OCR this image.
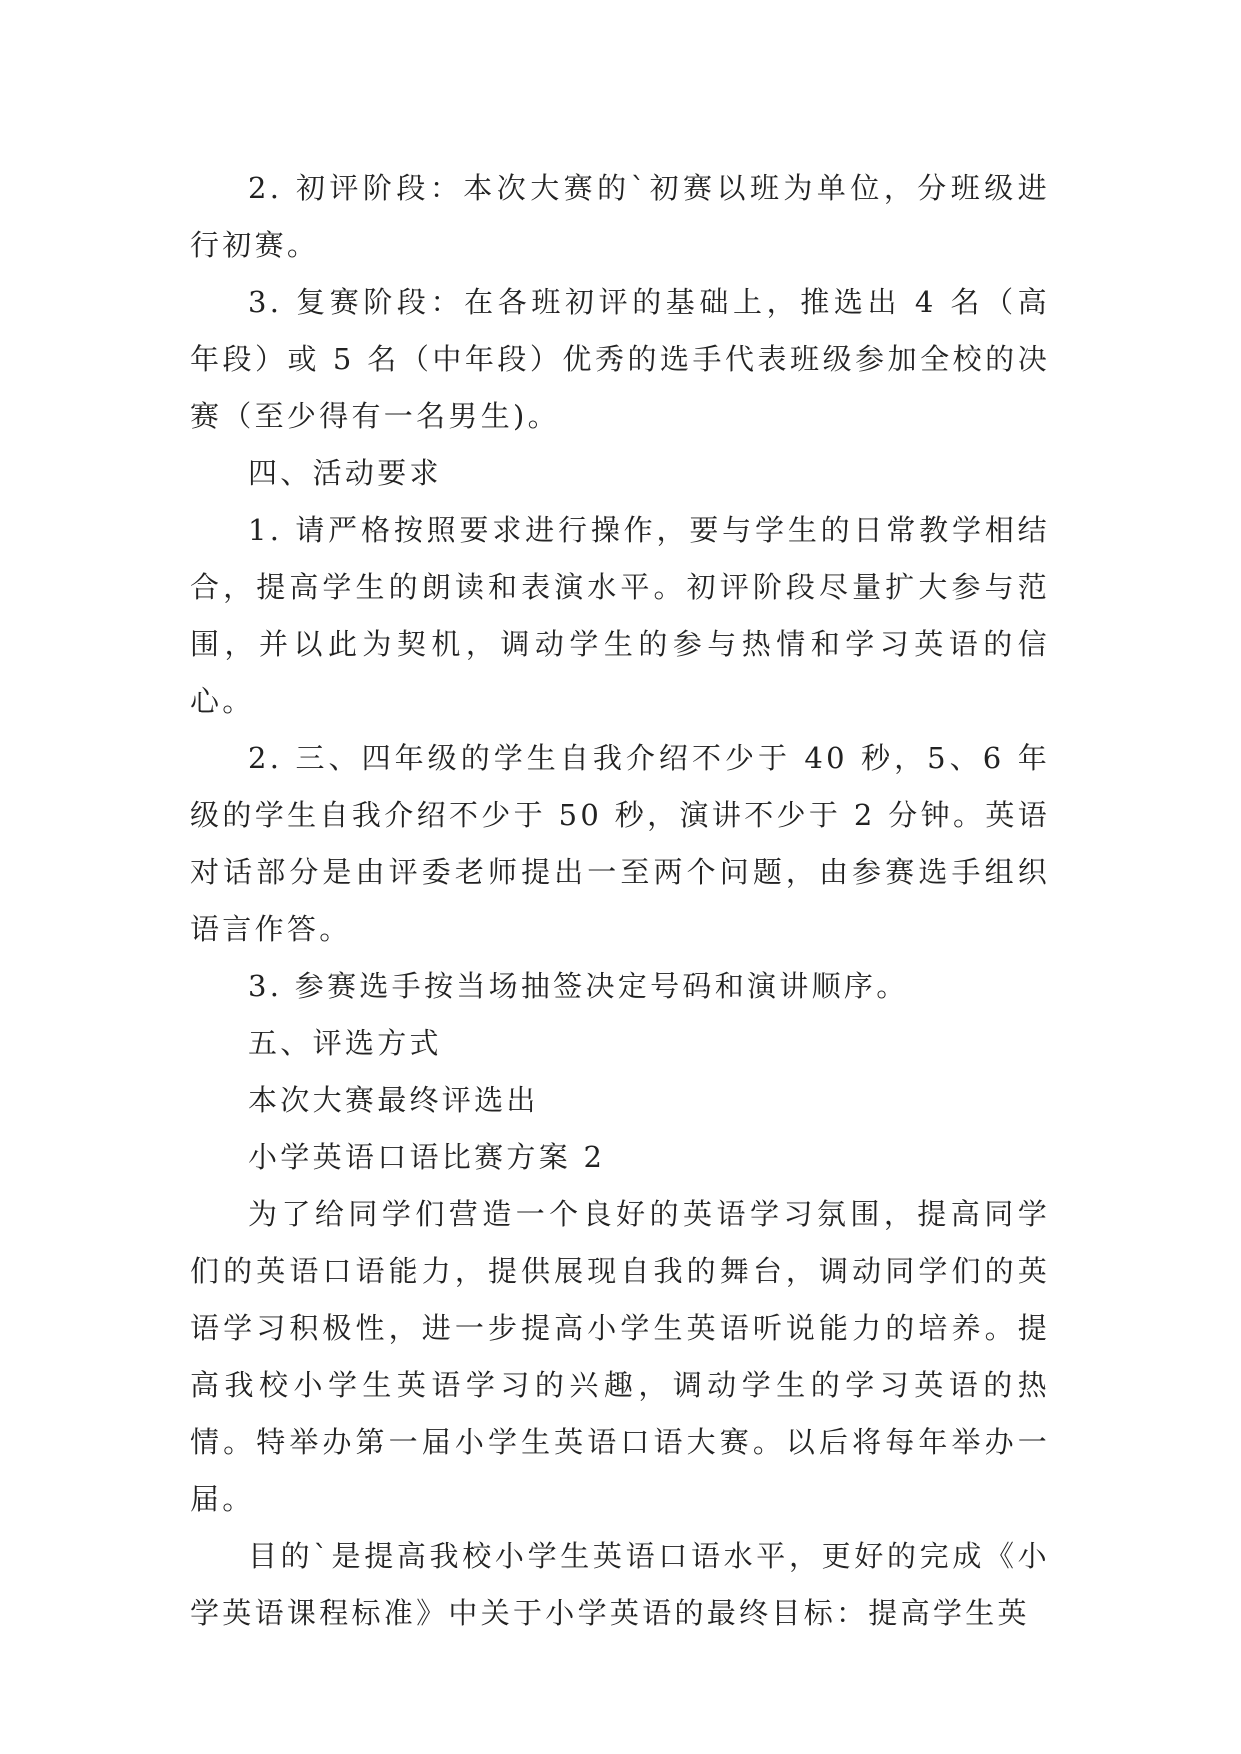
2. 初评阶段：本次大赛的`初赛以班为单位，分班级进行初赛。

3. 复赛阶段：在各班初评的基础上，推选出 4 名（高年段）或 5 名（中年段）优秀的选手代表班级参加全校的决赛（至少得有一名男生)。

四、活动要求

1. 请严格按照要求进行操作，要与学生的日常教学相结合，提高学生的朗读和表演水平。初评阶段尽量扩大参与范围，并以此为契机，调动学生的参与热情和学习英语的信心。

2. 三、四年级的学生自我介绍不少于 40 秒，5、6 年级的学生自我介绍不少于 50 秒，演讲不少于 2 分钟。英语对话部分是由评委老师提出一至两个问题，由参赛选手组织语言作答。

3. 参赛选手按当场抽签决定号码和演讲顺序。

五、评选方式

本次大赛最终评选出

小学英语口语比赛方案 2

为了给同学们营造一个良好的英语学习氛围，提高同学们的英语口语能力，提供展现自我的舞台，调动同学们的英语学习积极性，进一步提高小学生英语听说能力的培养。提高我校小学生英语学习的兴趣，调动学生的学习英语的热情。特举办第一届小学生英语口语大赛。以后将每年举办一届。

目的`是提高我校小学生英语口语水平，更好的完成《小学英语课程标准》中关于小学英语的最终目标：提高学生英
